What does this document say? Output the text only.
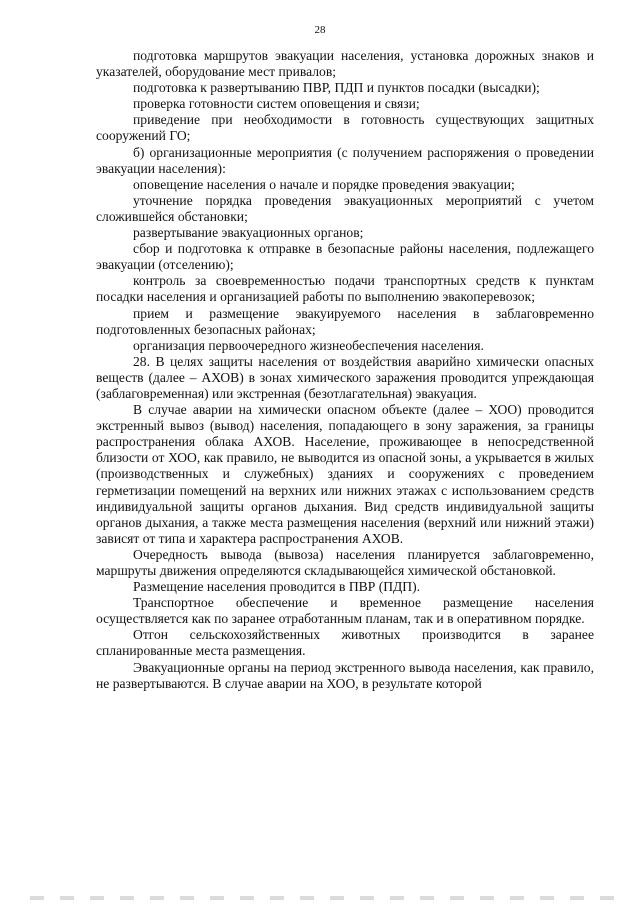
28

подготовка маршрутов эвакуации населения, установка дорожных знаков и указателей, оборудование мест привалов;

подготовка к развертыванию ПВР, ПДП и пунктов посадки (высадки);

проверка готовности систем оповещения и связи;

приведение при необходимости в готовность существующих защитных сооружений ГО;

б) организационные мероприятия (с получением распоряжения о проведении эвакуации населения):

оповещение населения о начале и порядке проведения эвакуации;

уточнение порядка проведения эвакуационных мероприятий с учетом сложившейся обстановки;

развертывание эвакуационных органов;

сбор и подготовка к отправке в безопасные районы населения, подлежащего эвакуации (отселению);

контроль за своевременностью подачи транспортных средств к пунктам посадки населения и организацией работы по выполнению эвакоперевозок;

прием и размещение эвакуируемого населения в заблаговременно подготовленных безопасных районах;

организация первоочередного жизнеобеспечения населения.

28. В целях защиты населения от воздействия аварийно химически опасных веществ (далее – АХОВ) в зонах химического заражения проводится упреждающая (заблаговременная) или экстренная (безотлагательная) эвакуация.

В случае аварии на химически опасном объекте (далее – ХОО) проводится экстренный вывоз (вывод) населения, попадающего в зону заражения, за границы распространения облака АХОВ. Население, проживающее в непосредственной близости от ХОО, как правило, не выводится из опасной зоны, а укрывается в жилых (производственных и служебных) зданиях и сооружениях с проведением герметизации помещений на верхних или нижних этажах с использованием средств индивидуальной защиты органов дыхания. Вид средств индивидуальной защиты органов дыхания, а также места размещения населения (верхний или нижний этажи) зависят от типа и характера распространения АХОВ.

Очередность вывода (вывоза) населения планируется заблаговременно, маршруты движения определяются складывающейся химической обстановкой.

Размещение населения проводится в ПВР (ПДП).

Транспортное обеспечение и временное размещение населения осуществляется как по заранее отработанным планам, так и в оперативном порядке.

Отгон сельскохозяйственных животных производится в заранее спланированные места размещения.

Эвакуационные органы на период экстренного вывода населения, как правило, не развертываются. В случае аварии на ХОО, в результате которой
